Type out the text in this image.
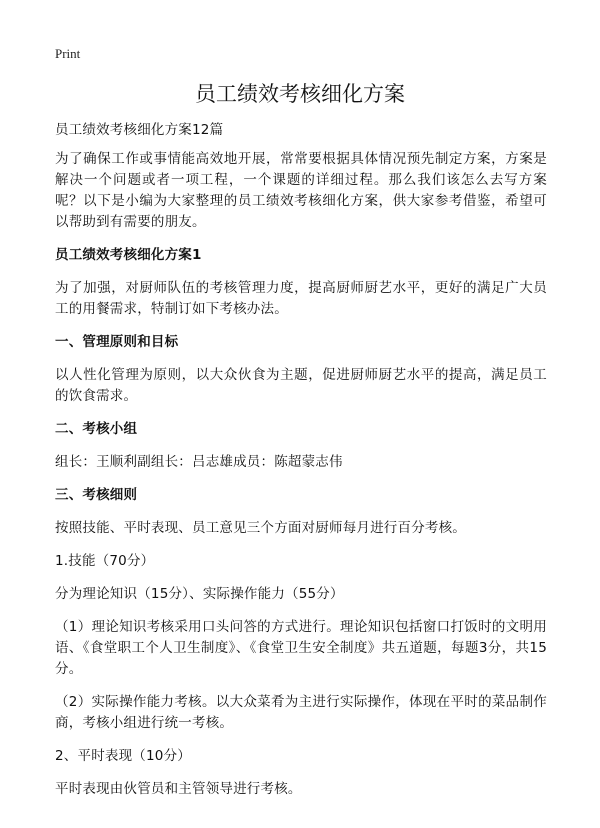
Print
员工绩效考核细化方案

员工绩效考核细化方案12篇

为了确保工作或事情能高效地开展，常常要根据具体情况预先制定方案，方案是解决一个问题或者一项工程，一个课题的详细过程。那么我们该怎么去写方案呢？以下是小编为大家整理的员工绩效考核细化方案，供大家参考借鉴，希望可以帮助到有需要的朋友。

员工绩效考核细化方案1

为了加强，对厨师队伍的考核管理力度，提高厨师厨艺水平，更好的满足广大员工的用餐需求，特制订如下考核办法。

一、管理原则和目标

以人性化管理为原则，以大众伙食为主题，促进厨师厨艺水平的提高，满足员工的饮食需求。

二、考核小组

组长：王顺利副组长：吕志雄成员：陈超蒙志伟

三、考核细则

按照技能、平时表现、员工意见三个方面对厨师每月进行百分考核。

1.技能（70分）

分为理论知识（15分）、实际操作能力（55分）

（1）理论知识考核采用口头问答的方式进行。理论知识包括窗口打饭时的文明用语、《食堂职工个人卫生制度》、《食堂卫生安全制度》共五道题，每题3分，共15分。

（2）实际操作能力考核。以大众菜肴为主进行实际操作，体现在平时的菜品制作商，考核小组进行统一考核。

2、平时表现（10分）

平时表现由伙管员和主管领导进行考核。
